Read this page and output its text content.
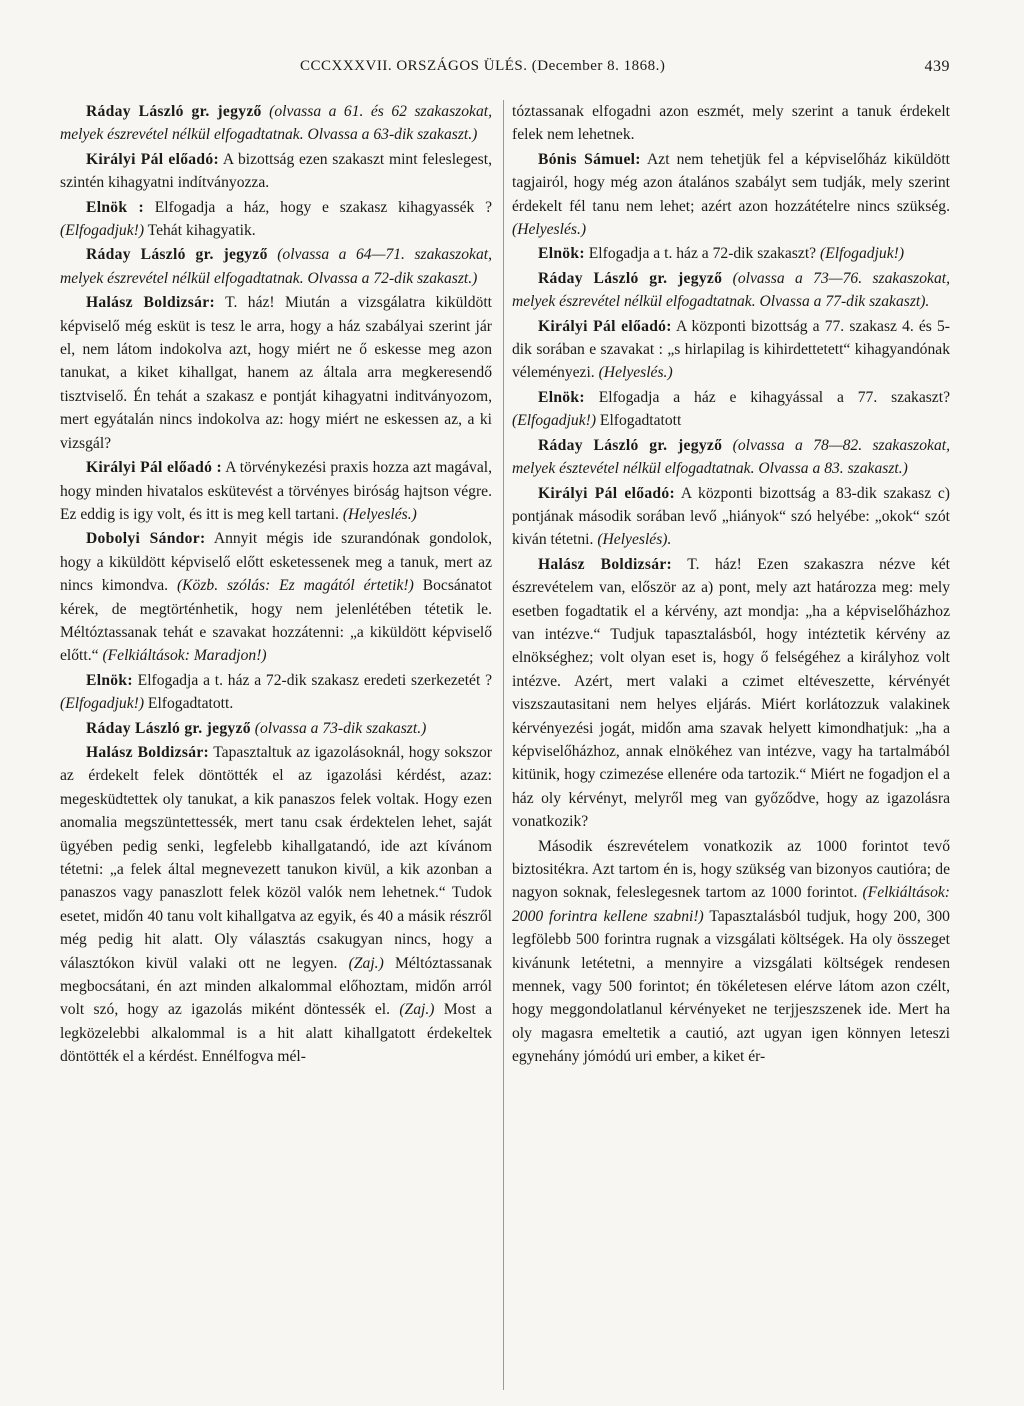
CCCXXXVII. ORSZÁGOS ÜLÉS. (December 8. 1868.)	439

Ráday László gr. jegyző (olvassa a 61. és 62 szakaszokat, melyek észrevétel nélkül elfogadtatnak. Olvassa a 63-dik szakaszt.)

Királyi Pál előadó: A bizottság ezen szakaszt mint feleslegest, szintén kihagyatni indítványozza.

Elnök : Elfogadja a ház, hogy e szakasz kihagyassék ? (Elfogadjuk!) Tehát kihagyatik.

Ráday László gr. jegyző (olvassa a 64—71. szakaszokat, melyek észrevétel nélkül elfogadtatnak. Olvassa a 72-dik szakaszt.)

Halász Boldizsár: T. ház! Miután a vizsgálatra kiküldött képviselő még esküt is tesz le arra, hogy a ház szabályai szerint jár el, nem látom indokolva azt, hogy miért ne ő eskesse meg azon tanukat, a kiket kihallgat, hanem az általa arra megkeresendő tisztviselő. Én tehát a szakasz e pontját kihagyatni inditványozom, mert egyátalán nincs indokolva az: hogy miért ne eskessen az, a ki vizsgál?

Királyi Pál előadó : A törvénykezési praxis hozza azt magával, hogy minden hivatalos eskütevést a törvényes biróság hajtson végre. Ez eddig is igy volt, és itt is meg kell tartani. (Helyeslés.)

Dobolyi Sándor: Annyit mégis ide szurandónak gondolok, hogy a kiküldött képviselő előtt esketessenek meg a tanuk, mert az nincs kimondva. (Közb. szólás: Ez magától értetik!) Bocsánatot kérek, de megtörténhetik, hogy nem jelenlétében tétetik le. Méltóztassanak tehát e szavakat hozzátenni: „a kiküldött képviselő előtt.“ (Felkiáltások: Maradjon!)

Elnök: Elfogadja a t. ház a 72-dik szakasz eredeti szerkezetét ? (Elfogadjuk!) Elfogadtatott.

Ráday László gr. jegyző (olvassa a 73-dik szakaszt.)

Halász Boldizsár: Tapasztaltuk az igazolásoknál, hogy sokszor az érdekelt felek döntötték el az igazolási kérdést, azaz: megesküdtettek oly tanukat, a kik panaszos felek voltak. Hogy ezen anomalia megszüntettessék, mert tanu csak érdektelen lehet, saját ügyében pedig senki, legfelebb kihallgatandó, ide azt kívánom tétetni: „a felek által megnevezett tanukon kivül, a kik azonban a panaszos vagy panaszlott felek közöl valók nem lehetnek.“ Tudok esetet, midőn 40 tanu volt kihallgatva az egyik, és 40 a másik részről még pedig hit alatt. Oly választás csakugyan nincs, hogy a választókon kivül valaki ott ne legyen. (Zaj.) Méltóztassanak megbocsátani, én azt minden alkalommal előhoztam, midőn arról volt szó, hogy az igazolás miként döntessék el. (Zaj.) Most a legközelebbi alkalommal is a hit alatt kihallgatott érdekeltek döntötték el a kérdést. Ennélfogva mél-

tóztassanak elfogadni azon eszmét, mely szerint a tanuk érdekelt felek nem lehetnek.

Bónis Sámuel: Azt nem tehetjük fel a képviselőház kiküldött tagjairól, hogy még azon átalános szabályt sem tudják, mely szerint érdekelt fél tanu nem lehet; azért azon hozzátételre nincs szükség. (Helyeslés.)

Elnök: Elfogadja a t. ház a 72-dik szakaszt? (Elfogadjuk!)

Ráday László gr. jegyző (olvassa a 73—76. szakaszokat, melyek észrevétel nélkül elfogadtatnak. Olvassa a 77-dik szakaszt).

Királyi Pál előadó: A központi bizottság a 77. szakasz 4. és 5-dik sorában e szavakat : „s hirlapilag is kihirdettetett“ kihagyandónak véleményezi. (Helyeslés.)

Elnök: Elfogadja a ház e kihagyással a 77. szakaszt? (Elfogadjuk!) Elfogadtatott

Ráday László gr. jegyző (olvassa a 78—82. szakaszokat, melyek észtevétel nélkül elfogadtatnak. Olvassa a 83. szakaszt.)

Királyi Pál előadó: A központi bizottság a 83-dik szakasz c) pontjának második sorában levő „hiányok“ szó helyébe: „okok“ szót kiván tétetni. (Helyeslés).

Halász Boldizsár: T. ház! Ezen szakaszra nézve két észrevételem van, először az a) pont, mely azt határozza meg: mely esetben fogadtatik el a kérvény, azt mondja: „ha a képviselőházhoz van intézve.“ Tudjuk tapasztalásból, hogy intéztetik kérvény az elnökséghez; volt olyan eset is, hogy ő felségéhez a királyhoz volt intézve. Azért, mert valaki a czimet eltéveszette, kérvényét viszszautasitani nem helyes eljárás. Miért korlátozzuk valakinek kérvényezési jogát, midőn ama szavak helyett kimondhatjuk: „ha a képviselőházhoz, annak elnökéhez van intézve, vagy ha tartalmából kitünik, hogy czimezése ellenére oda tartozik.“ Miért ne fogadjon el a ház oly kérvényt, melyről meg van győződve, hogy az igazolásra vonatkozik?

Második észrevételem vonatkozik az 1000 forintot tevő biztositékra. Azt tartom én is, hogy szükség van bizonyos cautióra; de nagyon soknak, feleslegesnek tartom az 1000 forintot. (Felkiáltások: 2000 forintra kellene szabni!) Tapasztalásból tudjuk, hogy 200, 300 legfölebb 500 forintra rugnak a vizsgálati költségek. Ha oly összeget kivánunk letétetni, a mennyire a vizsgálati költségek rendesen mennek, vagy 500 forintot; én tökéletesen elérve látom azon czélt, hogy meggondolatlanul kérvényeket ne terjjeszszenek ide. Mert ha oly magasra emeltetik a cautió, azt ugyan igen könnyen leteszi egynehány jómódú uri ember, a kiket ér-
